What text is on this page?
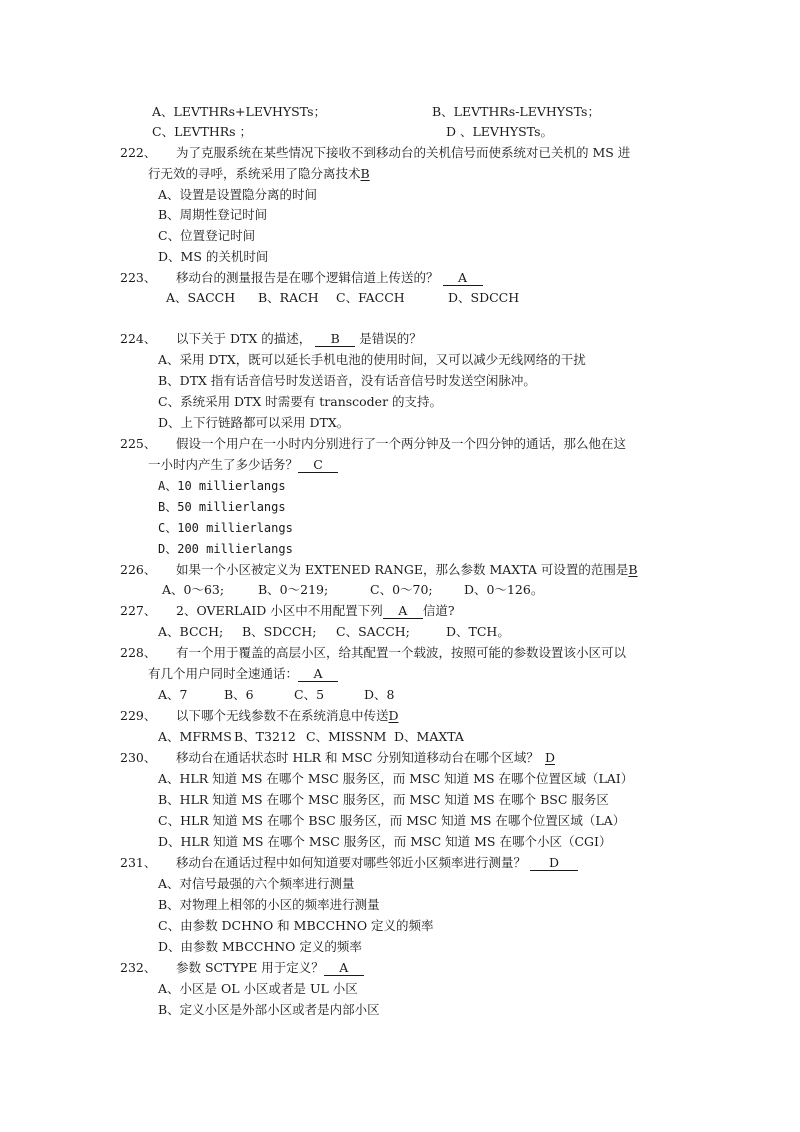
A、LEVTHRs+LEVHYSTs；	B、LEVTHRs-LEVHYSTs；
C、LEVTHRs ；	D 、LEVHYSTs。
222、 为了克服系统在某些情况下接收不到移动台的关机信号而使系统对已关机的 MS 进
行无效的寻呼，系统采用了隐分离技术B
A、设置是设置隐分离的时间
B、周期性登记时间
C、位置登记时间
D、MS 的关机时间
223、 移动台的测量报告是在哪个逻辑信道上传送的？ A
A、SACCH B、RACH C、FACCH	D、SDCCH
224、 以下关于 DTX 的描述， B 是错误的？
A、采用 DTX，既可以延长手机电池的使用时间，又可以减少无线网络的干扰
B、DTX 指有话音信号时发送语音，没有话音信号时发送空闲脉冲。
C、系统采用 DTX 时需要有 transcoder 的支持。
D、上下行链路都可以采用 DTX。
225、 假设一个用户在一小时内分别进行了一个两分钟及一个四分钟的通话，那么他在这
一小时内产生了多少话务？ C
A、10 millierlangs
B、50 millierlangs
C、100 millierlangs
D、200 millierlangs
226、 如果一个小区被定义为 EXTENED RANGE，那么参数 MAXTA 可设置的范围是B
A、0～63;	B、0～219;	C、0～70;	D、0～126。
227、 2、OVERLAID 小区中不用配置下列 A 信道?
A、BCCH; B、SDCCH; C、SACCH;	D、TCH。
228、 有一个用于覆盖的高层小区，给其配置一个载波，按照可能的参数设置该小区可以
有几个用户同时全速通话： A
A、7	B、6	C、5	D、8
229、 以下哪个无线参数不在系统消息中传送D
A、MFRMS B、T3212 C、MISSNM D、MAXTA
230、 移动台在通话状态时 HLR 和 MSC 分别知道移动台在哪个区域？ D
A、HLR 知道 MS 在哪个 MSC 服务区，而 MSC 知道 MS 在哪个位置区域（LAI）
B、HLR 知道 MS 在哪个 MSC 服务区，而 MSC 知道 MS 在哪个 BSC 服务区
C、HLR 知道 MS 在哪个 BSC 服务区，而 MSC 知道 MS 在哪个位置区域（LA）
D、HLR 知道 MS 在哪个 MSC 服务区，而 MSC 知道 MS 在哪个小区（CGI）
231、 移动台在通话过程中如何知道要对哪些邻近小区频率进行测量？ D
A、对信号最强的六个频率进行测量
B、对物理上相邻的小区的频率进行测量
C、由参数 DCHNO 和 MBCCHNO 定义的频率
D、由参数 MBCCHNO 定义的频率
232、 参数 SCTYPE 用于定义？ A
A、小区是 OL 小区或者是 UL 小区
B、定义小区是外部小区或者是内部小区
